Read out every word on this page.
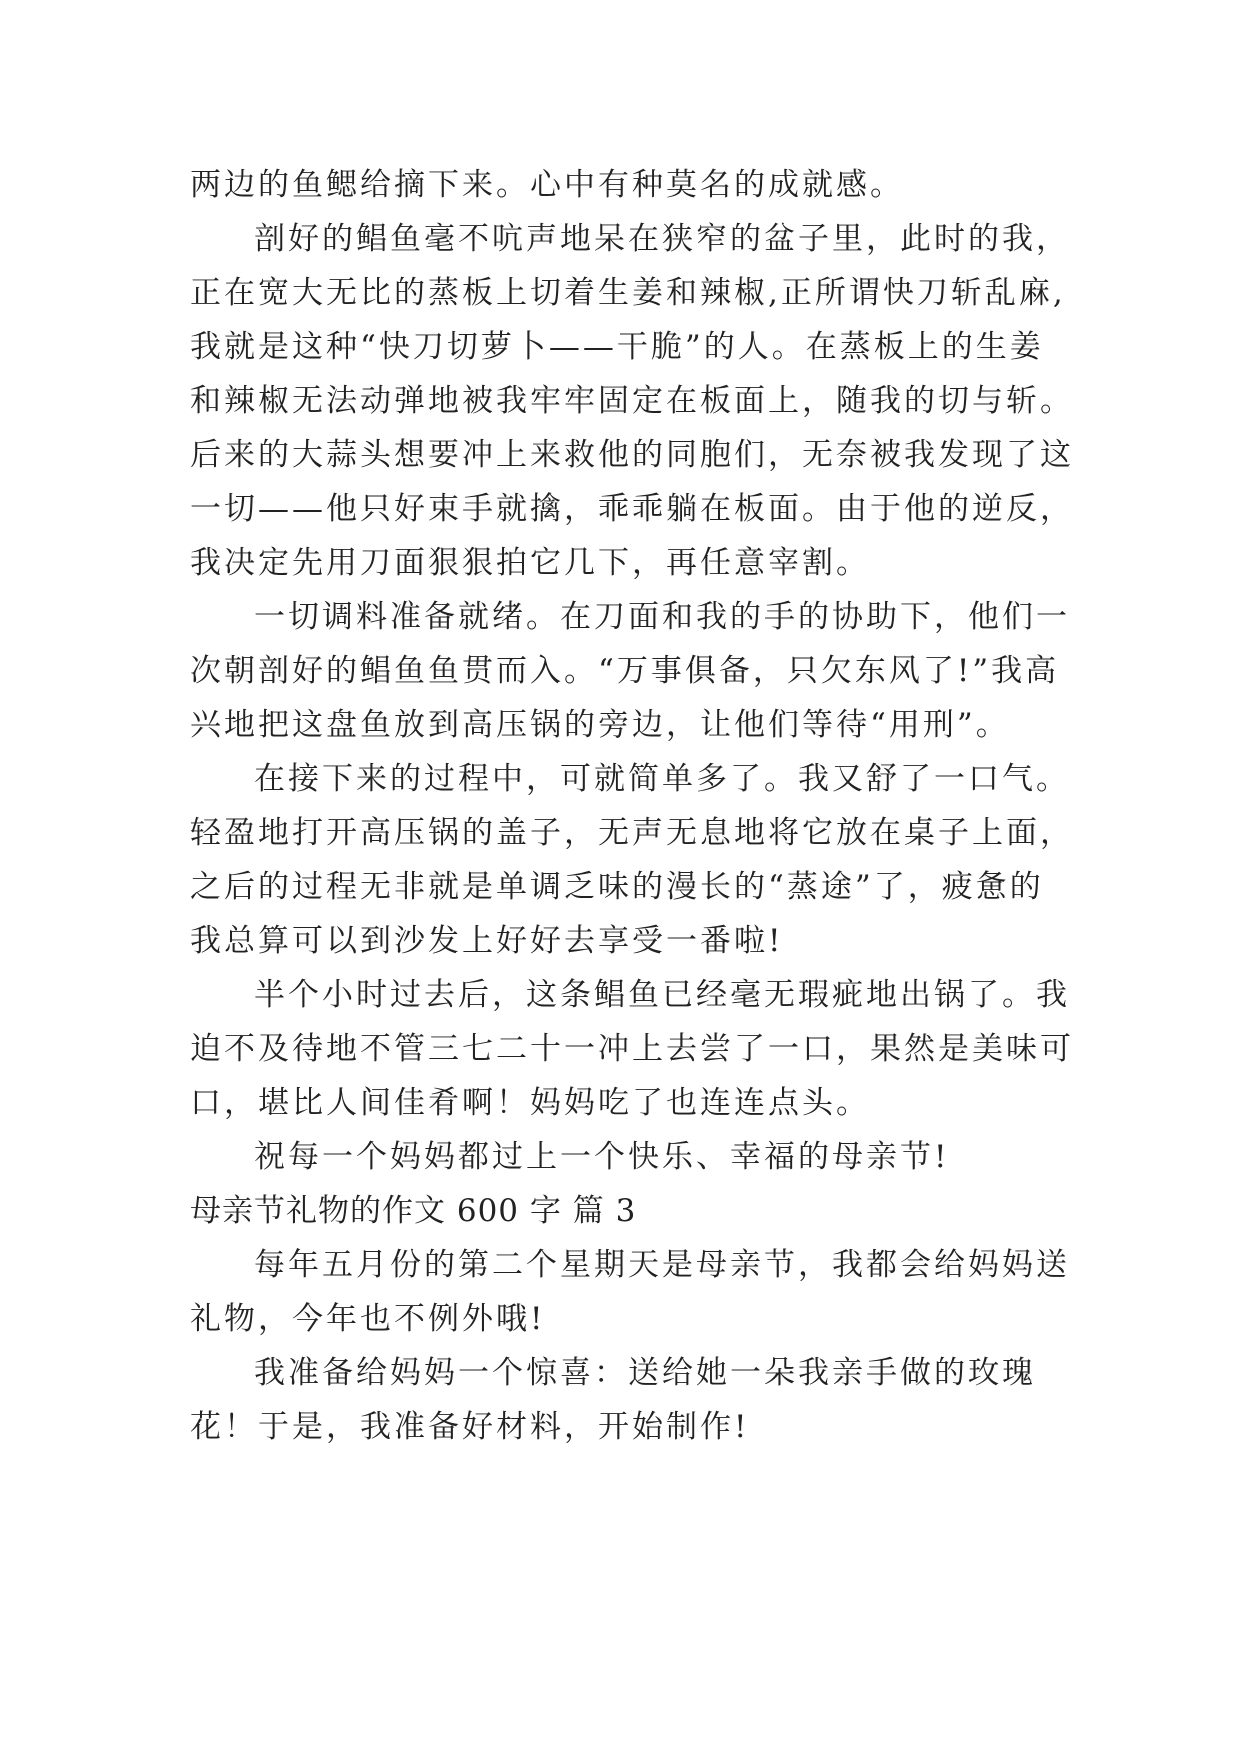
两边的鱼鳃给摘下来。心中有种莫名的成就感。

剖好的鲳鱼毫不吭声地呆在狭窄的盆子里，此时的我，

正在宽大无比的蒸板上切着生姜和辣椒,正所谓快刀斩乱麻,

我就是这种“快刀切萝卜——干脆”的人。在蒸板上的生姜

和辣椒无法动弹地被我牢牢固定在板面上，随我的切与斩。

后来的大蒜头想要冲上来救他的同胞们，无奈被我发现了这

一切——他只好束手就擒，乖乖躺在板面。由于他的逆反，

我决定先用刀面狠狠拍它几下，再任意宰割。

一切调料准备就绪。在刀面和我的手的协助下，他们一

次朝剖好的鲳鱼鱼贯而入。“万事俱备，只欠东风了!”我高

兴地把这盘鱼放到高压锅的旁边，让他们等待“用刑”。

在接下来的过程中，可就简单多了。我又舒了一口气。

轻盈地打开高压锅的盖子，无声无息地将它放在桌子上面，

之后的过程无非就是单调乏味的漫长的“蒸途”了，疲惫的

我总算可以到沙发上好好去享受一番啦!

半个小时过去后，这条鲳鱼已经毫无瑕疵地出锅了。我

迫不及待地不管三七二十一冲上去尝了一口，果然是美味可

口，堪比人间佳肴啊！妈妈吃了也连连点头。

祝每一个妈妈都过上一个快乐、幸福的母亲节!

母亲节礼物的作文 600 字 篇 3

每年五月份的第二个星期天是母亲节，我都会给妈妈送

礼物，今年也不例外哦!

我准备给妈妈一个惊喜：送给她一朵我亲手做的玫瑰

花！于是，我准备好材料，开始制作!
